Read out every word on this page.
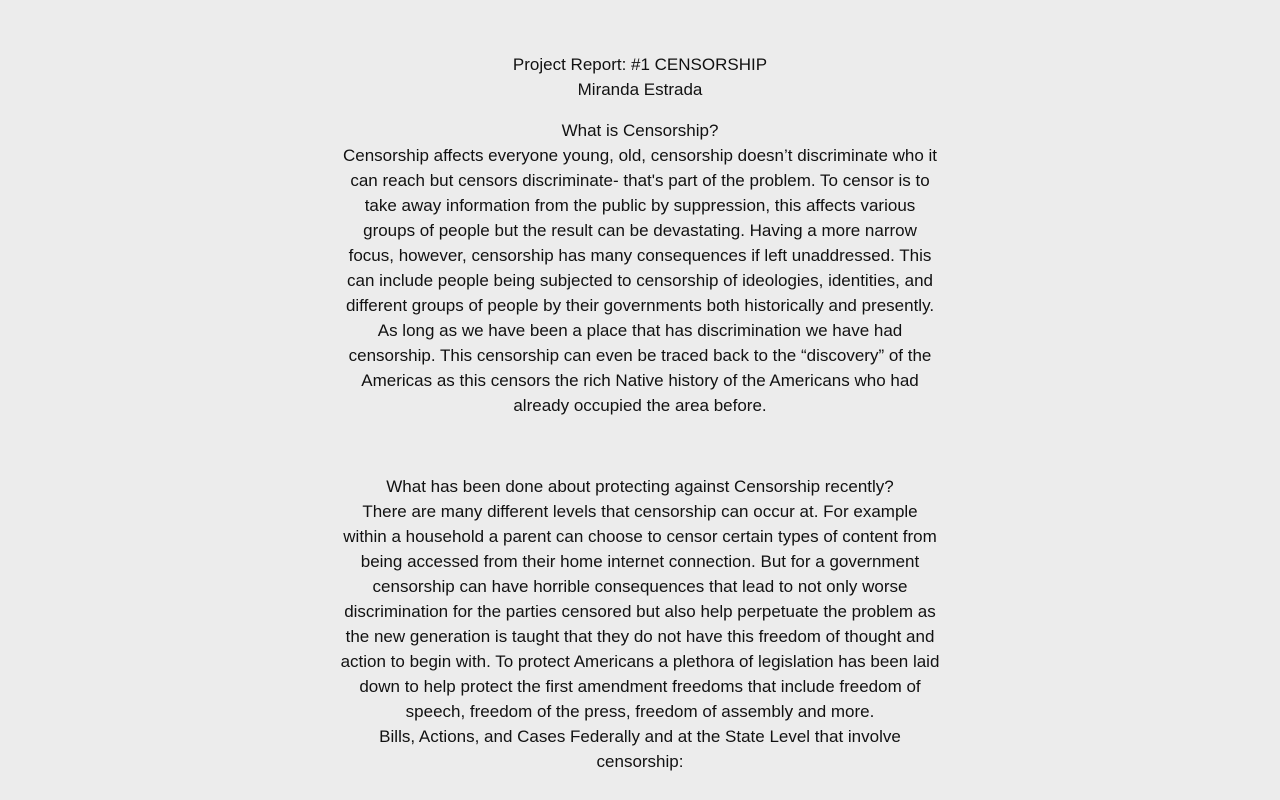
Project Report: #1 CENSORSHIP

Miranda Estrada

What is Censorship?

Censorship affects everyone young, old, censorship doesn’t discriminate who it can reach but censors discriminate- that's part of the problem. To censor is to take away information from the public by suppression, this affects various groups of people but the result can be devastating. Having a more narrow focus, however, censorship has many consequences if left unaddressed. This can include people being subjected to censorship of ideologies, identities, and different groups of people by their governments both historically and presently. As long as we have been a place that has discrimination we have had censorship. This censorship can even be traced back to the “discovery” of the Americas as this censors the rich Native history of the Americans who had already occupied the area before.

What has been done about protecting against Censorship recently?

There are many different levels that censorship can occur at. For example within a household a parent can choose to censor certain types of content from being accessed from their home internet connection. But for a government censorship can have horrible consequences that lead to not only worse discrimination for the parties censored but also help perpetuate the problem as the new generation is taught that they do not have this freedom of thought and action to begin with. To protect Americans a plethora of legislation has been laid down to help protect the first amendment freedoms that include freedom of speech, freedom of the press, freedom of assembly and more.

Bills, Actions, and Cases Federally and at the State Level that involve censorship:
